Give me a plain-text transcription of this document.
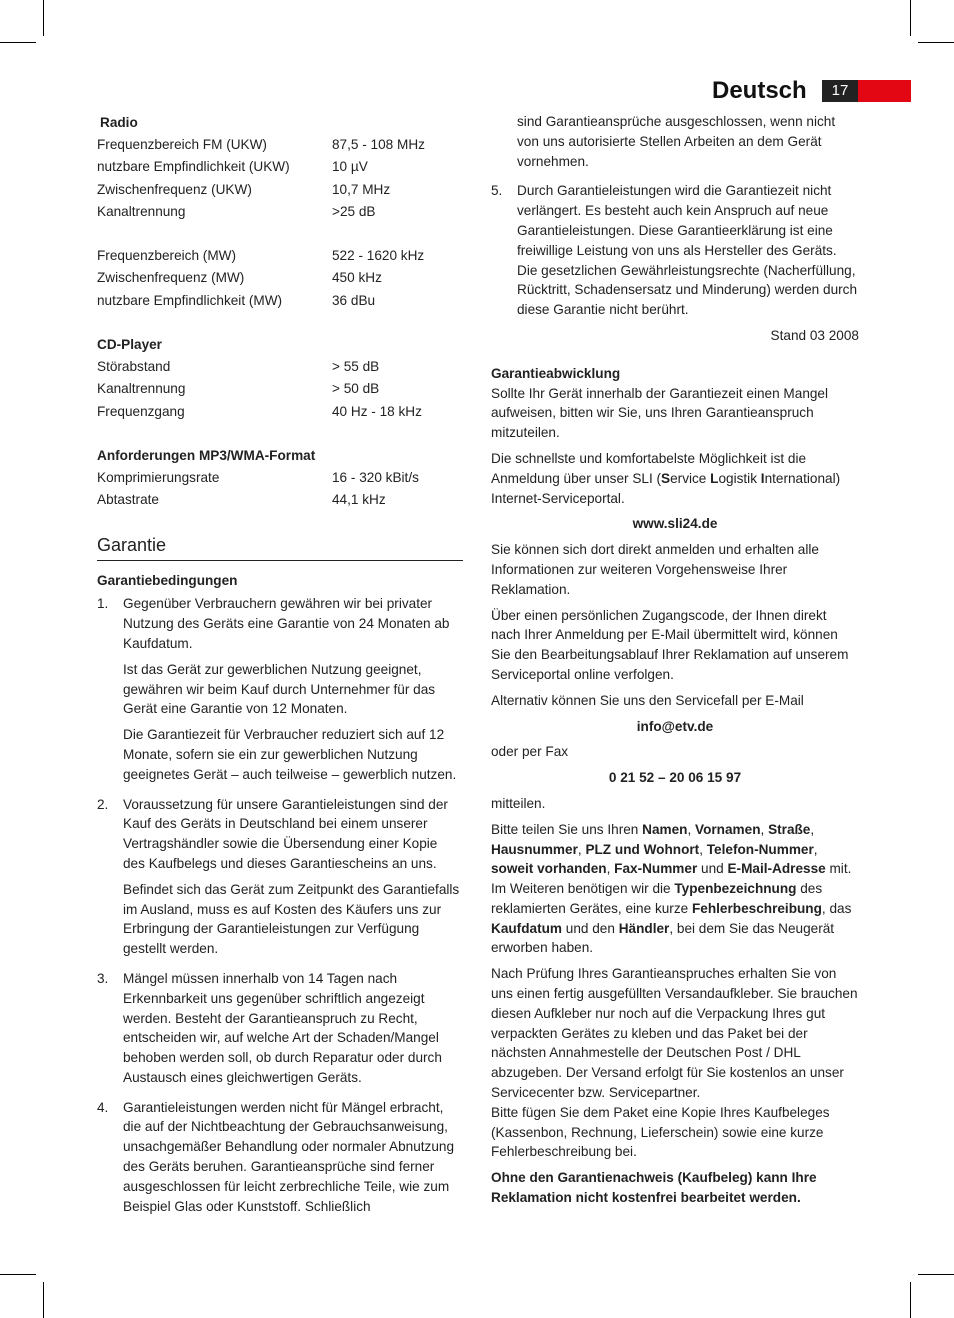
Deutsch	17
Radio
Frequenzbereich FM (UKW)	87,5 - 108 MHz
nutzbare Empfindlichkeit (UKW)	10 µV
Zwischenfrequenz (UKW)	10,7 MHz
Kanaltrennung	>25 dB
Frequenzbereich (MW)	522 - 1620 kHz
Zwischenfrequenz (MW)	450 kHz
nutzbare Empfindlichkeit (MW)	36 dBu
CD-Player
Störabstand	> 55 dB
Kanaltrennung	> 50 dB
Frequenzgang	40 Hz - 18 kHz
Anforderungen MP3/WMA-Format
Komprimierungsrate	16 - 320 kBit/s
Abtastrate	44,1 kHz
Garantie
Garantiebedingungen
1.	Gegenüber Verbrauchern gewähren wir bei privater Nutzung des Geräts eine Garantie von 24 Monaten ab Kaufdatum.

Ist das Gerät zur gewerblichen Nutzung geeignet, gewähren wir beim Kauf durch Unternehmer für das Gerät eine Garantie von 12 Monaten.

Die Garantiezeit für Verbraucher reduziert sich auf 12 Monate, sofern sie ein zur gewerblichen Nutzung geeignetes Gerät – auch teilweise – gewerblich nutzen.

2.	Voraussetzung für unsere Garantieleistungen sind der Kauf des Geräts in Deutschland bei einem unserer Vertragshändler sowie die Übersendung einer Kopie des Kaufbelegs und dieses Garantiescheins an uns.

Befindet sich das Gerät zum Zeitpunkt des Garantiefalls im Ausland, muss es auf Kosten des Käufers uns zur Erbringung der Garantieleistungen zur Verfügung gestellt werden.

3.	Mängel müssen innerhalb von 14 Tagen nach Erkennbarkeit uns gegenüber schriftlich angezeigt werden. Besteht der Garantieanspruch zu Recht, entscheiden wir, auf welche Art der Schaden/Mangel behoben werden soll, ob durch Reparatur oder durch Austausch eines gleichwertigen Geräts.

4.	Garantieleistungen werden nicht für Mängel erbracht, die auf der Nichtbeachtung der Gebrauchsanweisung, unsachgemäßer Behandlung oder normaler Abnutzung des Geräts beruhen. Garantieansprüche sind ferner ausgeschlossen für leicht zerbrechliche Teile, wie zum Beispiel Glas oder Kunststoff. Schließlich

sind Garantieansprüche ausgeschlossen, wenn nicht von uns autorisierte Stellen Arbeiten an dem Gerät vornehmen.

5.	Durch Garantieleistungen wird die Garantiezeit nicht verlängert. Es besteht auch kein Anspruch auf neue Garantieleistungen. Diese Garantieerklärung ist eine freiwillige Leistung von uns als Hersteller des Geräts. Die gesetzlichen Gewährleistungsrechte (Nacherfüllung, Rücktritt, Schadensersatz und Minderung) werden durch diese Garantie nicht berührt.

Stand 03 2008

Garantieabwicklung

Sollte Ihr Gerät innerhalb der Garantiezeit einen Mangel aufweisen, bitten wir Sie, uns Ihren Garantieanspruch mitzuteilen.

Die schnellste und komfortabelste Möglichkeit ist die Anmeldung über unser SLI (Service Logistik International) Internet-Serviceportal.

www.sli24.de

Sie können sich dort direkt anmelden und erhalten alle Informationen zur weiteren Vorgehensweise Ihrer Reklamation.

Über einen persönlichen Zugangscode, der Ihnen direkt nach Ihrer Anmeldung per E-Mail übermittelt wird, können Sie den Bearbeitungsablauf Ihrer Reklamation auf unserem Serviceportal online verfolgen.

Alternativ können Sie uns den Servicefall per E-Mail

info@etv.de

oder per Fax

0 21 52 – 20 06 15 97

mitteilen.

Bitte teilen Sie uns Ihren Namen, Vornamen, Straße, Hausnummer, PLZ und Wohnort, Telefon-Nummer, soweit vorhanden, Fax-Nummer und E-Mail-Adresse mit. Im Weiteren benötigen wir die Typenbezeichnung des reklamierten Gerätes, eine kurze Fehlerbeschreibung, das Kaufdatum und den Händler, bei dem Sie das Neugerät erworben haben.

Nach Prüfung Ihres Garantieanspruches erhalten Sie von uns einen fertig ausgefüllten Versandaufkleber. Sie brauchen diesen Aufkleber nur noch auf die Verpackung Ihres gut verpackten Gerätes zu kleben und das Paket bei der nächsten Annahmestelle der Deutschen Post / DHL abzugeben. Der Versand erfolgt für Sie kostenlos an unser Servicecenter bzw. Servicepartner.

Bitte fügen Sie dem Paket eine Kopie Ihres Kaufbeleges (Kassenbon, Rechnung, Lieferschein) sowie eine kurze Fehlerbeschreibung bei.

Ohne den Garantienachweis (Kaufbeleg) kann Ihre Reklamation nicht kostenfrei bearbeitet werden.
